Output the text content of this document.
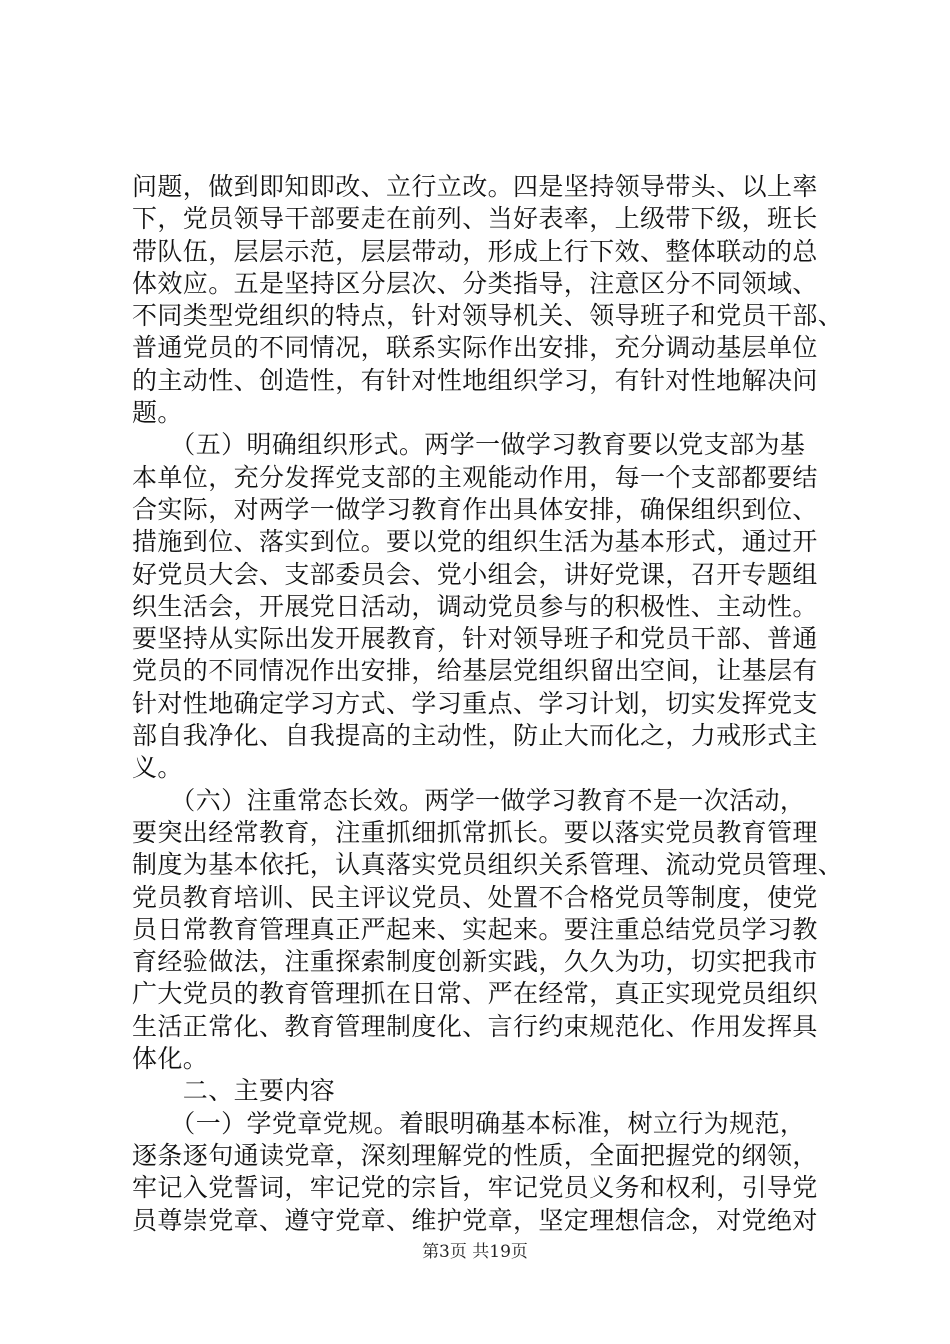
问题，做到即知即改、立行立改。四是坚持领导带头、以上率
下，党员领导干部要走在前列、当好表率，上级带下级，班长
带队伍，层层示范，层层带动，形成上行下效、整体联动的总
体效应。五是坚持区分层次、分类指导，注意区分不同领域、
不同类型党组织的特点，针对领导机关、领导班子和党员干部、
普通党员的不同情况，联系实际作出安排，充分调动基层单位
的主动性、创造性，有针对性地组织学习，有针对性地解决问
题。
　　（五）明确组织形式。两学一做学习教育要以党支部为基
本单位，充分发挥党支部的主观能动作用，每一个支部都要结
合实际，对两学一做学习教育作出具体安排，确保组织到位、
措施到位、落实到位。要以党的组织生活为基本形式，通过开
好党员大会、支部委员会、党小组会，讲好党课，召开专题组
织生活会，开展党日活动，调动党员参与的积极性、主动性。
要坚持从实际出发开展教育，针对领导班子和党员干部、普通
党员的不同情况作出安排，给基层党组织留出空间，让基层有
针对性地确定学习方式、学习重点、学习计划，切实发挥党支
部自我净化、自我提高的主动性，防止大而化之，力戒形式主
义。
　　（六）注重常态长效。两学一做学习教育不是一次活动，
要突出经常教育，注重抓细抓常抓长。要以落实党员教育管理
制度为基本依托，认真落实党员组织关系管理、流动党员管理、
党员教育培训、民主评议党员、处置不合格党员等制度，使党
员日常教育管理真正严起来、实起来。要注重总结党员学习教
育经验做法，注重探索制度创新实践，久久为功，切实把我市
广大党员的教育管理抓在日常、严在经常，真正实现党员组织
生活正常化、教育管理制度化、言行约束规范化、作用发挥具
体化。
　　二、主要内容
　　（一）学党章党规。着眼明确基本标准，树立行为规范，
逐条逐句通读党章，深刻理解党的性质，全面把握党的纲领，
牢记入党誓词，牢记党的宗旨，牢记党员义务和权利，引导党
员尊崇党章、遵守党章、维护党章，坚定理想信念，对党绝对
第3页 共19页
